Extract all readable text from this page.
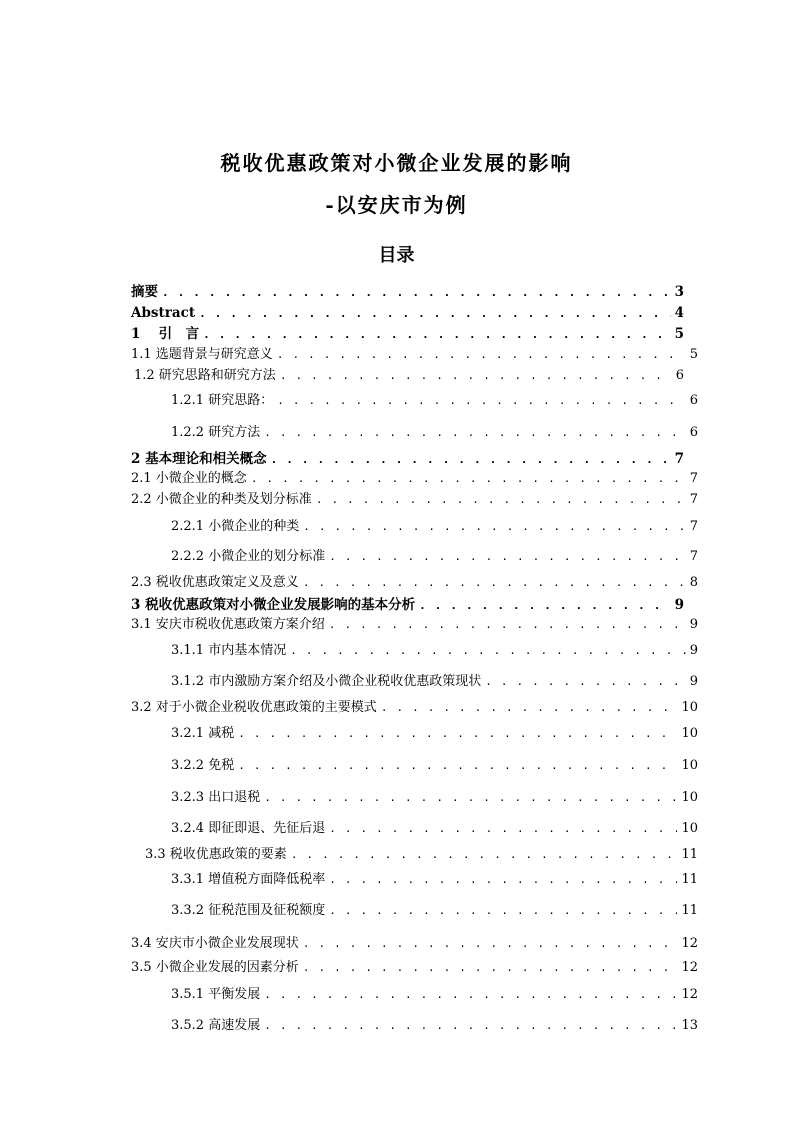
税收优惠政策对小微企业发展的影响
-以安庆市为例
目录
摘要 . . .	3
Abstract . . .	4
1　 引　言 . . .	5
1.1 选题背景与研究意义 . . .	5
1.2 研究思路和研究方法 . . .	6
1.2.1 研究思路： . . .	6
1.2.2 研究方法 . . .	6
2 基本理论和相关概念 . . .	7
2.1 小微企业的概念 . . .	7
2.2 小微企业的种类及划分标准 . . .	7
2.2.1 小微企业的种类 . . .	7
2.2.2 小微企业的划分标准 . . .	7
2.3 税收优惠政策定义及意义 . . .	8
3 税收优惠政策对小微企业发展影响的基本分析 . . .	9
3.1 安庆市税收优惠政策方案介绍 . . .	9
3.1.1 市内基本情况 . . .	9
3.1.2 市内激励方案介绍及小微企业税收优惠政策现状 . . .	9
3.2 对于小微企业税收优惠政策的主要模式 . . .	10
3.2.1 减税 . . .	10
3.2.2 免税 . . .	10
3.2.3 出口退税 . . .	10
3.2.4 即征即退、先征后退 . . .	10
3.3 税收优惠政策的要素 . . .	11
3.3.1 增值税方面降低税率 . . .	11
3.3.2 征税范围及征税额度 . . .	11
3.4 安庆市小微企业发展现状 . . .	12
3.5 小微企业发展的因素分析 . . .	12
3.5.1 平衡发展 . . .	12
3.5.2 高速发展 . . .	13
